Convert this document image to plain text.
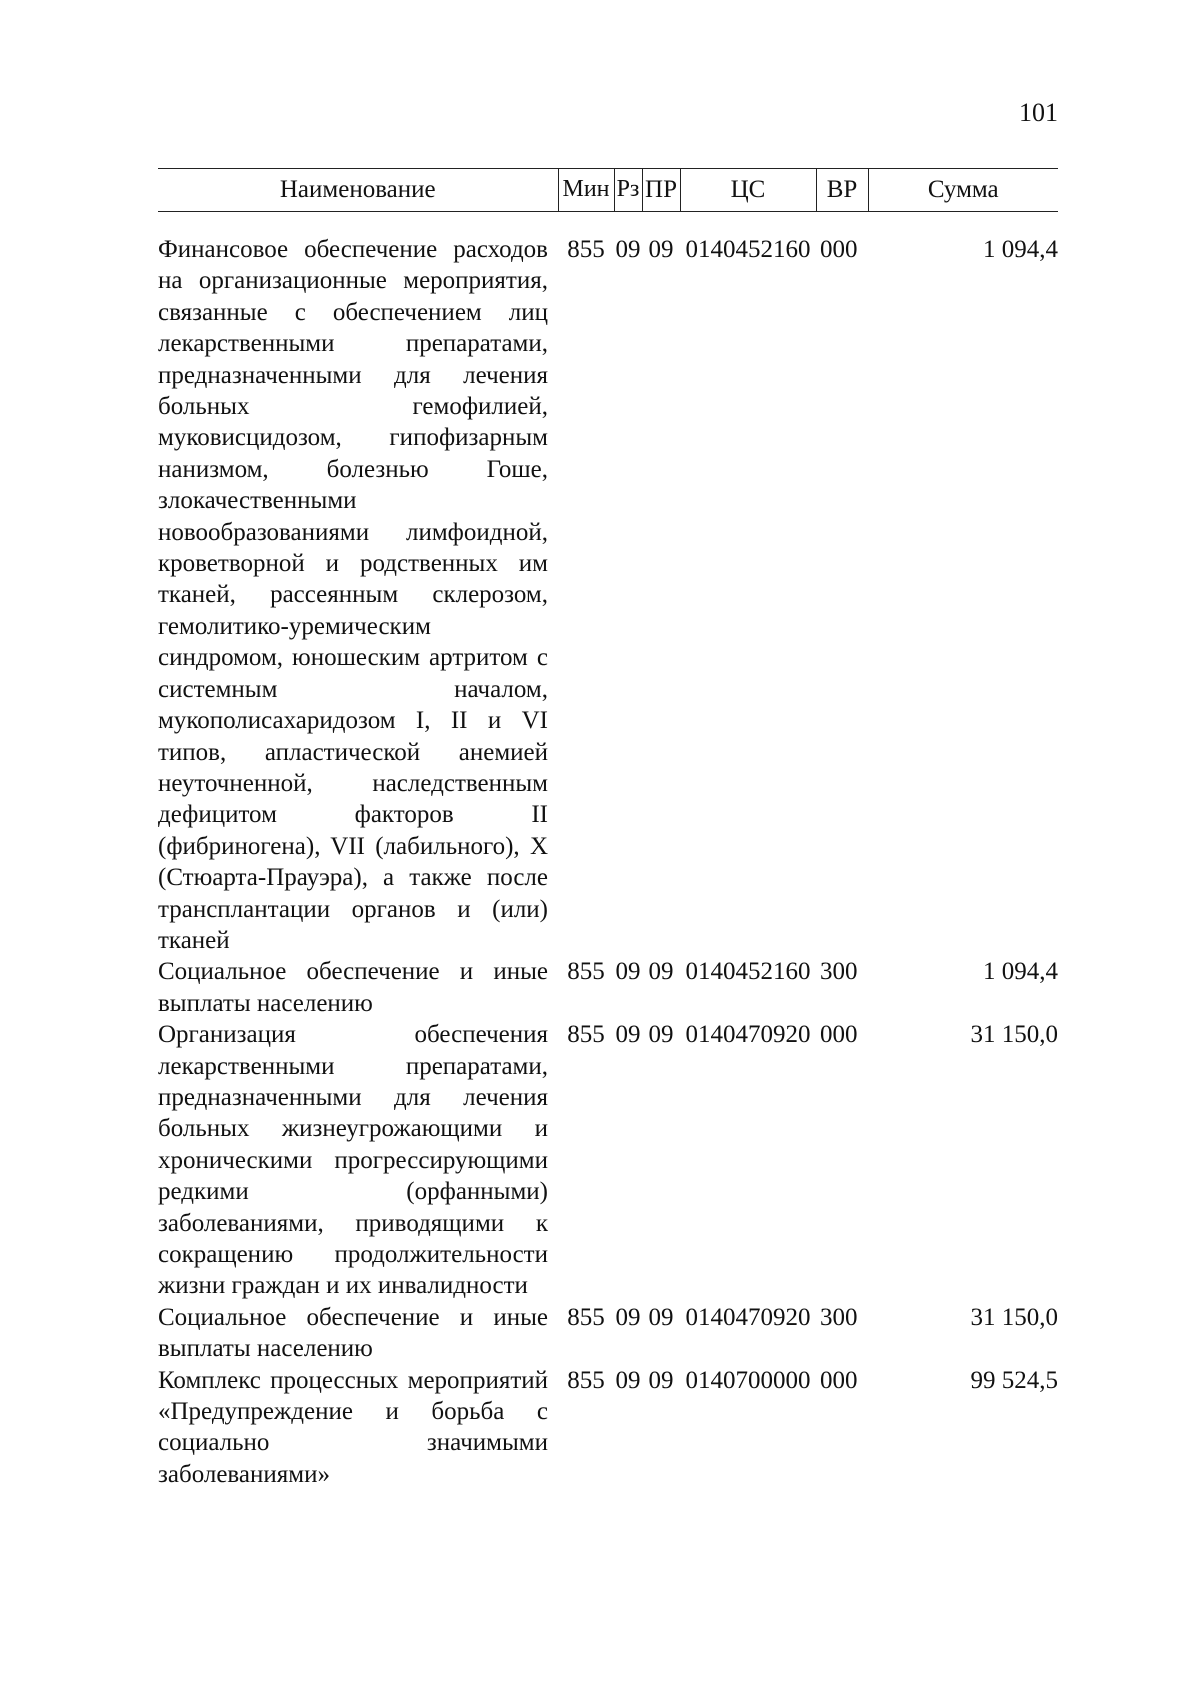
101
Наименование	Мин	Рз	ПР	ЦС	ВР	Сумма

Финансовое обеспечение расходов на организационные мероприятия, связанные с обеспечением лиц лекарственными препаратами, предназначенными для лечения больных гемофилией, муковисцидозом, гипофизарным нанизмом, болезнью Гоше, злокачественными новообразованиями лимфоидной, кроветворной и родственных им тканей, рассеянным склерозом, гемолитико-уремическим синдромом, юношеским артритом с системным началом, мукополисахаридозом I, II и VI типов, апластической анемией неуточненной, наследственным дефицитом факторов II (фибриногена), VII (лабильного), X (Стюарта-Прауэра), а также после трансплантации органов и (или) тканей	855	09	09	0140452160	000	1 094,4
Социальное обеспечение и иные выплаты населению	855	09	09	0140452160	300	1 094,4
Организация обеспечения лекарственными препаратами, предназначенными для лечения больных жизнеугрожающими и хроническими прогрессирующими редкими (орфанными) заболеваниями, приводящими к сокращению продолжительности жизни граждан и их инвалидности	855	09	09	0140470920	000	31 150,0
Социальное обеспечение и иные выплаты населению	855	09	09	0140470920	300	31 150,0
Комплекс процессных мероприятий «Предупреждение и борьба с социально значимыми заболеваниями»	855	09	09	0140700000	000	99 524,5
